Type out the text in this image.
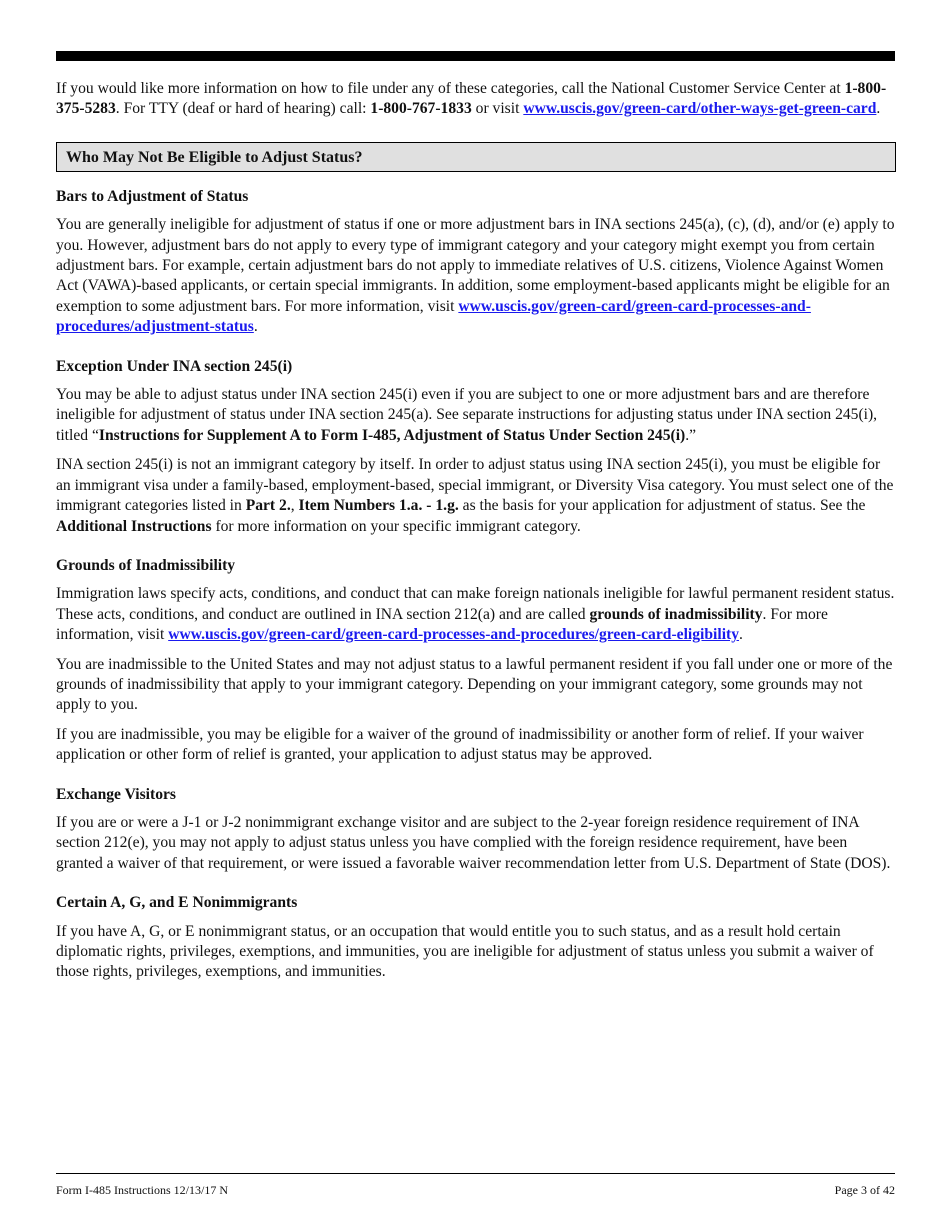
If you would like more information on how to file under any of these categories, call the National Customer Service Center at 1-800-375-5283. For TTY (deaf or hard of hearing) call: 1-800-767-1833 or visit www.uscis.gov/green-card/other-ways-get-green-card.

Who May Not Be Eligible to Adjust Status?
Bars to Adjustment of Status

You are generally ineligible for adjustment of status if one or more adjustment bars in INA sections 245(a), (c), (d), and/or (e) apply to you. However, adjustment bars do not apply to every type of immigrant category and your category might exempt you from certain adjustment bars. For example, certain adjustment bars do not apply to immediate relatives of U.S. citizens, Violence Against Women Act (VAWA)-based applicants, or certain special immigrants. In addition, some employment-based applicants might be eligible for an exemption to some adjustment bars. For more information, visit www.uscis.gov/green-card/green-card-processes-and-procedures/adjustment-status.

Exception Under INA section 245(i)

You may be able to adjust status under INA section 245(i) even if you are subject to one or more adjustment bars and are therefore ineligible for adjustment of status under INA section 245(a). See separate instructions for adjusting status under INA section 245(i), titled “Instructions for Supplement A to Form I-485, Adjustment of Status Under Section 245(i).”

INA section 245(i) is not an immigrant category by itself. In order to adjust status using INA section 245(i), you must be eligible for an immigrant visa under a family-based, employment-based, special immigrant, or Diversity Visa category. You must select one of the immigrant categories listed in Part 2., Item Numbers 1.a. - 1.g. as the basis for your application for adjustment of status. See the Additional Instructions for more information on your specific immigrant category.

Grounds of Inadmissibility

Immigration laws specify acts, conditions, and conduct that can make foreign nationals ineligible for lawful permanent resident status. These acts, conditions, and conduct are outlined in INA section 212(a) and are called grounds of inadmissibility. For more information, visit www.uscis.gov/green-card/green-card-processes-and-procedures/green-card-eligibility.

You are inadmissible to the United States and may not adjust status to a lawful permanent resident if you fall under one or more of the grounds of inadmissibility that apply to your immigrant category. Depending on your immigrant category, some grounds may not apply to you.

If you are inadmissible, you may be eligible for a waiver of the ground of inadmissibility or another form of relief. If your waiver application or other form of relief is granted, your application to adjust status may be approved.

Exchange Visitors

If you are or were a J-1 or J-2 nonimmigrant exchange visitor and are subject to the 2-year foreign residence requirement of INA section 212(e), you may not apply to adjust status unless you have complied with the foreign residence requirement, have been granted a waiver of that requirement, or were issued a favorable waiver recommendation letter from U.S. Department of State (DOS).

Certain A, G, and E Nonimmigrants

If you have A, G, or E nonimmigrant status, or an occupation that would entitle you to such status, and as a result hold certain diplomatic rights, privileges, exemptions, and immunities, you are ineligible for adjustment of status unless you submit a waiver of those rights, privileges, exemptions, and immunities.

Form I-485 Instructions 12/13/17 N	Page 3 of 42
